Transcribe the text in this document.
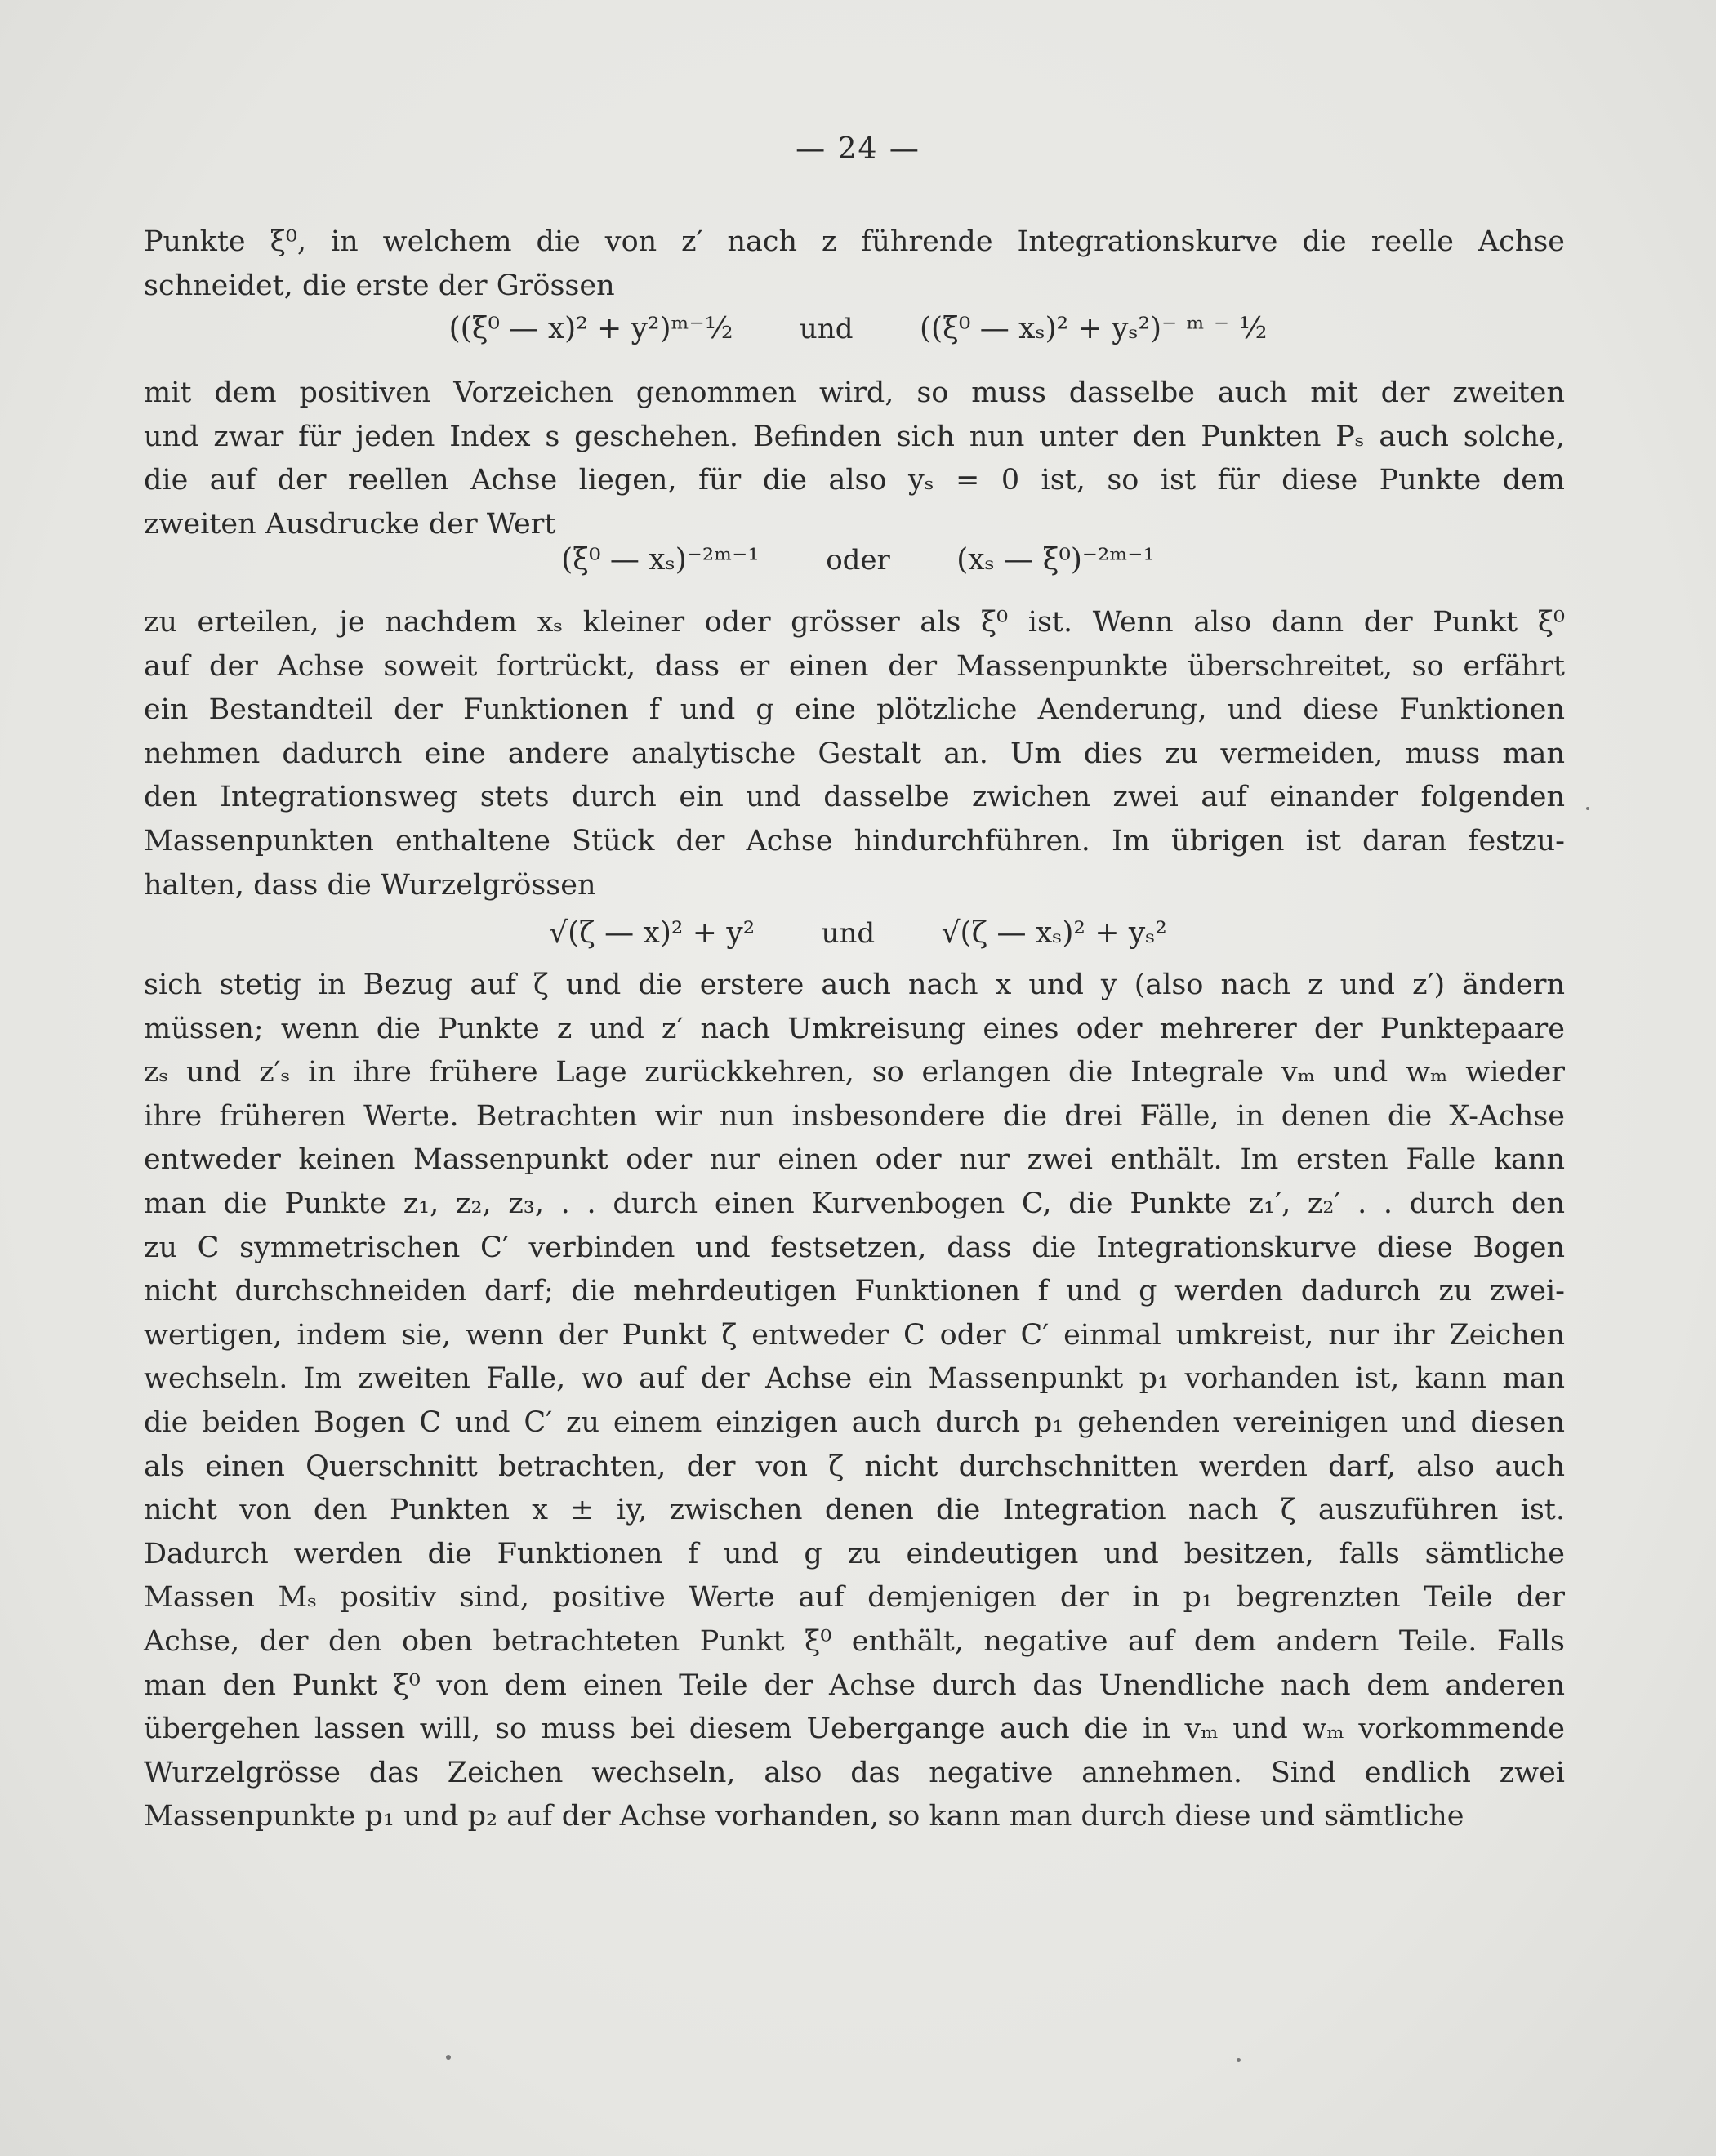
— 24 —
Punkte ξ⁰, in welchem die von z′ nach z führende Integrationskurve die reelle Achse
schneidet, die erste der Grössen
((ξ⁰ — x)² + y²)ᵐ⁻½ und ((ξ⁰ — xₛ)² + yₛ²)⁻ ᵐ ⁻ ½
mit dem positiven Vorzeichen genommen wird, so muss dasselbe auch mit der zweiten
und zwar für jeden Index s geschehen. Befinden sich nun unter den Punkten Pₛ auch solche,
die auf der reellen Achse liegen, für die also yₛ = 0 ist, so ist für diese Punkte dem
zweiten Ausdrucke der Wert
(ξ⁰ — xₛ)⁻²ᵐ⁻¹ oder (xₛ — ξ⁰)⁻²ᵐ⁻¹
zu erteilen, je nachdem xₛ kleiner oder grösser als ξ⁰ ist. Wenn also dann der Punkt ξ⁰
auf der Achse soweit fortrückt, dass er einen der Massenpunkte überschreitet, so erfährt
ein Bestandteil der Funktionen f und g eine plötzliche Aenderung, und diese Funktionen
nehmen dadurch eine andere analytische Gestalt an. Um dies zu vermeiden, muss man
den Integrationsweg stets durch ein und dasselbe zwichen zwei auf einander folgenden
Massenpunkten enthaltene Stück der Achse hindurchführen. Im übrigen ist daran festzu-
halten, dass die Wurzelgrössen
√(ζ — x)² + y² und √(ζ — xₛ)² + yₛ²
sich stetig in Bezug auf ζ und die erstere auch nach x und y (also nach z und z′) ändern
müssen; wenn die Punkte z und z′ nach Umkreisung eines oder mehrerer der Punktepaare
zₛ und z′ₛ in ihre frühere Lage zurückkehren, so erlangen die Integrale vₘ und wₘ wieder
ihre früheren Werte. Betrachten wir nun insbesondere die drei Fälle, in denen die X-Achse
entweder keinen Massenpunkt oder nur einen oder nur zwei enthält. Im ersten Falle kann
man die Punkte z₁, z₂, z₃, . . durch einen Kurvenbogen C, die Punkte z₁′, z₂′ . . durch den
zu C symmetrischen C′ verbinden und festsetzen, dass die Integrationskurve diese Bogen
nicht durchschneiden darf; die mehrdeutigen Funktionen f und g werden dadurch zu zwei-
wertigen, indem sie, wenn der Punkt ζ entweder C oder C′ einmal umkreist, nur ihr Zeichen
wechseln. Im zweiten Falle, wo auf der Achse ein Massenpunkt p₁ vorhanden ist, kann man
die beiden Bogen C und C′ zu einem einzigen auch durch p₁ gehenden vereinigen und diesen
als einen Querschnitt betrachten, der von ζ nicht durchschnitten werden darf, also auch
nicht von den Punkten x ± iy, zwischen denen die Integration nach ζ auszuführen ist.
Dadurch werden die Funktionen f und g zu eindeutigen und besitzen, falls sämtliche
Massen Mₛ positiv sind, positive Werte auf demjenigen der in p₁ begrenzten Teile der
Achse, der den oben betrachteten Punkt ξ⁰ enthält, negative auf dem andern Teile. Falls
man den Punkt ξ⁰ von dem einen Teile der Achse durch das Unendliche nach dem anderen
übergehen lassen will, so muss bei diesem Uebergange auch die in vₘ und wₘ vorkommende
Wurzelgrösse das Zeichen wechseln, also das negative annehmen. Sind endlich zwei
Massenpunkte p₁ und p₂ auf der Achse vorhanden, so kann man durch diese und sämtliche
